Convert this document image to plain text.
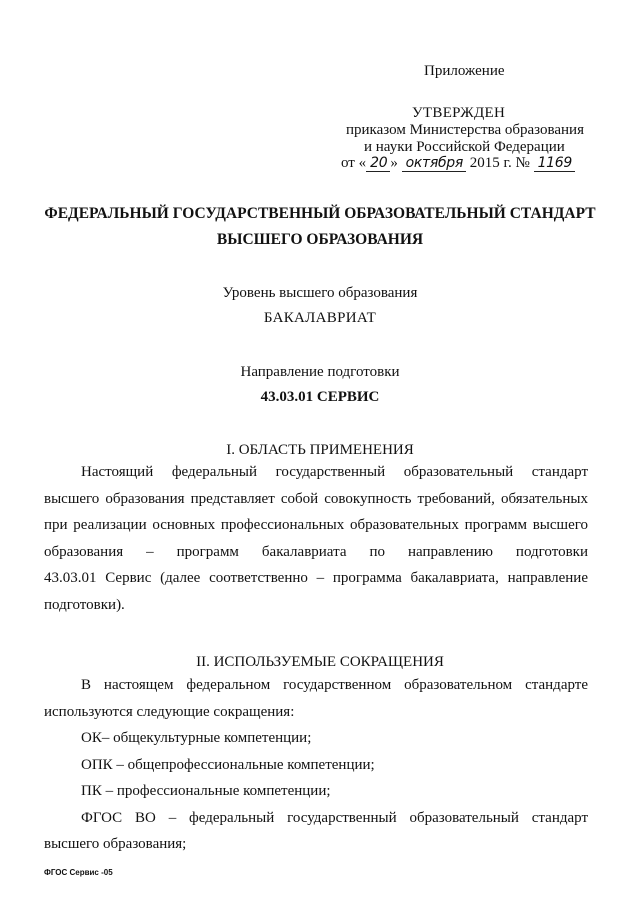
Приложение
УТВЕРЖДЕН
приказом Министерства образования
и науки Российской Федерации
от « 20 » октября 2015 г. № 1169
ФЕДЕРАЛЬНЫЙ ГОСУДАРСТВЕННЫЙ ОБРАЗОВАТЕЛЬНЫЙ СТАНДАРТ
ВЫСШЕГО ОБРАЗОВАНИЯ
Уровень высшего образования
БАКАЛАВРИАТ
Направление подготовки
43.03.01 СЕРВИС
I. ОБЛАСТЬ ПРИМЕНЕНИЯ
Настоящий федеральный государственный образовательный стандарт
высшего образования представляет собой совокупность требований, обязательных
при реализации основных профессиональных образовательных программ высшего
образования – программ бакалавриата по направлению подготовки
43.03.01 Сервис (далее соответственно – программа бакалавриата, направление
подготовки).
II. ИСПОЛЬЗУЕМЫЕ СОКРАЩЕНИЯ
В настоящем федеральном государственном образовательном стандарте
используются следующие сокращения:
ОК– общекультурные компетенции;
ОПК – общепрофессиональные компетенции;
ПК – профессиональные компетенции;
ФГОС ВО – федеральный государственный образовательный стандарт
высшего образования;
ФГОС Сервис -05
